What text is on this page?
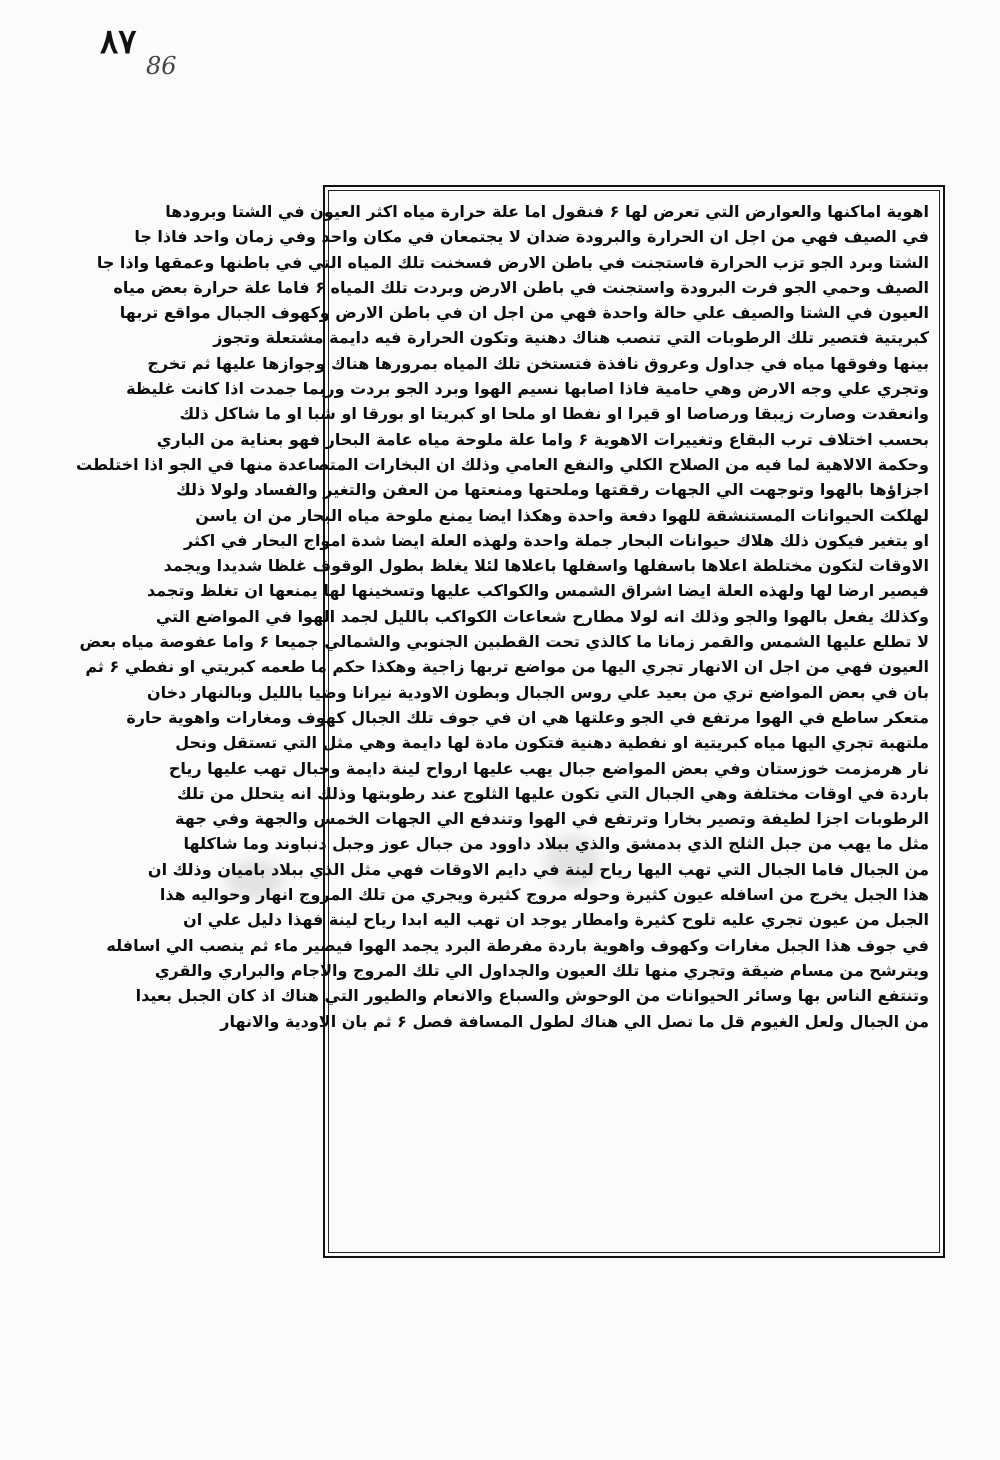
٨٧
86
اهوية اماكنها والعوارض التي تعرض لها ۶ فنقول اما علة حرارة مياه اكثر العيون في الشتا وبرودها
في الصيف فهي من اجل ان الحرارة والبرودة ضدان لا يجتمعان في مكان واحد وفي زمان واحد فاذا جا
الشتا وبرد الجو تزب الحرارة فاستجنت في باطن الارض فسخنت تلك المياه التي في باطنها وعمقها واذا جا
الصيف وحمي الجو فرت البرودة واستجنت في باطن الارض وبردت تلك المياه ۶ فاما علة حرارة بعض مياه
العيون في الشتا والصيف علي حالة واحدة فهي من اجل ان في باطن الارض وكهوف الجبال مواقع تربها
كبريتية فتصير تلك الرطوبات التي تنصب هناك دهنية وتكون الحرارة فيه دايمة مشتعلة وتجوز
بينها وفوقها مياه في جداول وعروق نافذة فتستخن تلك المياه بمرورها هناك وجوازها عليها ثم تخرج
وتجري علي وجه الارض وهي حامية فاذا اصابها نسيم الهوا وبرد الجو بردت وربما جمدت اذا كانت غليظة
وانعقدت وصارت زيبقا ورصاصا او قيرا او نفطا او ملحا او كبريتا او بورقا او شبا او ما شاكل ذلك
بحسب اختلاف ترب البقاع وتغييرات الاهوية ۶ واما علة ملوحة مياه عامة البحار فهو بعناية من الباري
وحكمة الالاهية لما فيه من الصلاح الكلي والنفع العامي وذلك ان البخارات المتصاعدة منها في الجو اذا اختلطت
اجزاؤها بالهوا وتوجهت الي الجهات رققتها وملحتها ومنعتها من العفن والتغير والفساد ولولا ذلك
لهلكت الحيوانات المستنشقة للهوا دفعة واحدة وهكذا ايضا يمنع ملوحة مياه البحار من ان ياسن
او يتغير فيكون ذلك هلاك حيوانات البحار جملة واحدة ولهذه العلة ايضا شدة امواج البحار في اكثر
الاوقات لتكون مختلطة اعلاها باسفلها واسفلها باعلاها لئلا يغلظ بطول الوقوف غلظا شديدا ويجمد
فيصير ارضا لها ولهذه العلة ايضا اشراق الشمس والكواكب عليها وتسخينها لها يمنعها ان تغلظ وتجمد
وكذلك يفعل بالهوا والجو وذلك انه لولا مطارح شعاعات الكواكب بالليل لجمد الهوا في المواضع التي
لا تطلع عليها الشمس والقمر زمانا ما كالذي تحت القطبين الجنوبي والشمالي جميعا ۶ واما عفوصة مياه بعض
العيون فهي من اجل ان الانهار تجري اليها من مواضع تربها زاجية وهكذا حكم ما طعمه كبريتي او نفطي ۶ ثم
بان في بعض المواضع تري من بعيد علي روس الجبال وبطون الاودية نيرانا وضيا بالليل وبالنهار دخان
متعكر ساطع في الهوا مرتفع في الجو وعلتها هي ان في جوف تلك الجبال كهوف ومغارات واهوية حارة
ملتهبة تجري اليها مياه كبريتية او نفطية دهنية فتكون مادة لها دايمة وهي مثل التي تستقل ونحل
نار هرمزمت خوزستان وفي بعض المواضع جبال يهب عليها ارواح لينة دايمة وجبال تهب عليها رياح
باردة في اوقات مختلفة وهي الجبال التي تكون عليها الثلوج عند رطوبتها وذلك انه يتحلل من تلك
الرطوبات اجزا لطيفة وتصير بخارا وترتفع في الهوا وتندفع الي الجهات الخمس والجهة وفي جهة
مثل ما يهب من جبل الثلج الذي بدمشق والذي ببلاد داوود من جبال عوز وجبل دنباوند وما شاكلها
من الجبال فاما الجبال التي تهب اليها رياح لينة في دايم الاوقات فهي مثل الذي ببلاد باميان وذلك ان
هذا الجبل يخرج من اسافله عيون كثيرة وحوله مروج كثيرة ويجري من تلك المروج انهار وحواليه هذا
الجبل من عيون تجري عليه تلوح كثيرة وامطار يوجد ان تهب اليه ابدا رياح لينة فهذا دليل علي ان
في جوف هذا الجبل مغارات وكهوف واهوية باردة مفرطة البرد يجمد الهوا فيصير ماء ثم ينصب الي اسافله
ويترشح من مسام ضيقة وتجري منها تلك العيون والجداول الي تلك المروج والاجام والبراري والقري
وتنتفع الناس بها وسائر الحيوانات من الوحوش والسباع والانعام والطيور التي هناك اذ كان الجبل بعيدا
من الجبال ولعل الغيوم قل ما تصل الي هناك لطول المسافة فصل ۶ ثم بان الاودية والانهار
